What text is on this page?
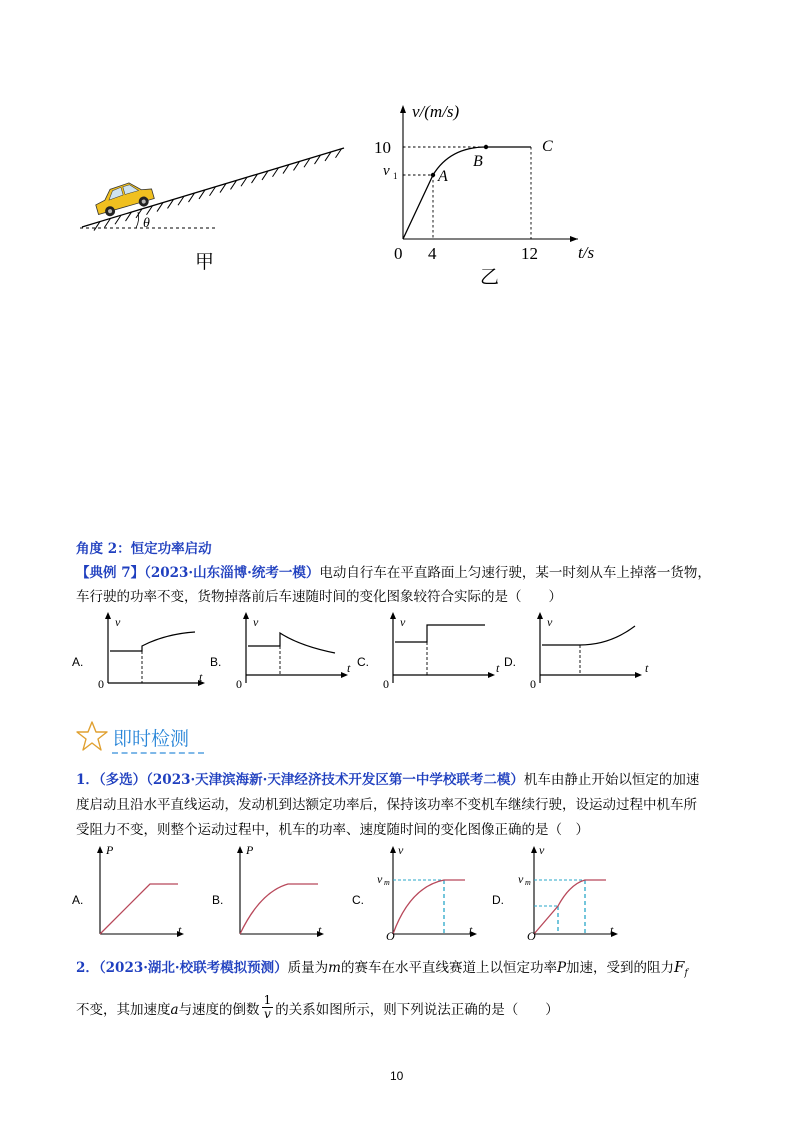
θ
甲
v/(m/s)
t/s
10
v 1
0 4	12
A
B
C
乙
角度 2：恒定功率启动
【典例 7】（2023·山东淄博·统考一模）电动自行车在平直路面上匀速行驶，某一时刻从车上掉落一货物，
车行驶的功率不变，货物掉落前后车速随时间的变化图象较符合实际的是（　　）
A.	B.	C.	D.
v	v	v	v
t
t	t	t
0	0	0	0
即时检测
1．（多选）（2023·天津滨海新·天津经济技术开发区第一中学校联考二模）机车由静止开始以恒定的加速
度启动且沿水平直线运动，发动机到达额定功率后，保持该功率不变机车继续行驶，设运动过程中机车所
受阻力不变，则整个运动过程中，机车的功率、速度随时间的变化图像正确的是（　）
A.	B.	C.	D.
P	P	v	v
t	t	t	t
O	O
v	v
m	m
2．（2023·湖北·校联考模拟预测）质量为m的赛车在水平直线赛道上以恒定功率P加速，受到的阻力$F_f$
不变，其加速度 a 与速度的倒数 $\frac{1}{v}$ 的关系如图所示，则下列说法正确的是（　　）
10
